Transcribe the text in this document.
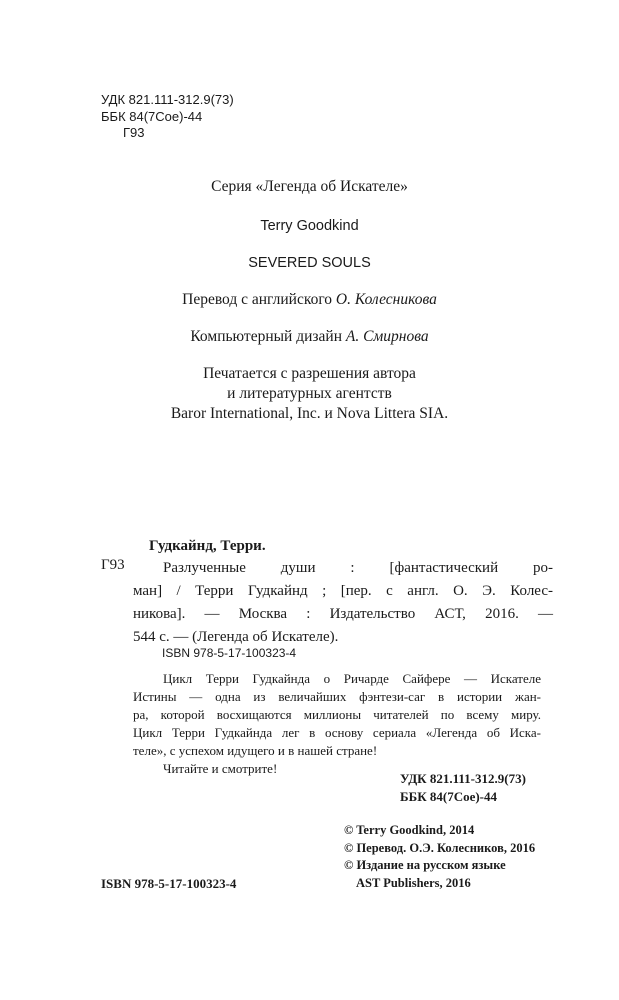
УДК 821.111-312.9(73)
ББК 84(7Сое)-44
Г93
Серия «Легенда об Искателе»
Terry Goodkind
SEVERED SOULS
Перевод с английского О. Колесникова
Компьютерный дизайн А. Смирнова
Печатается с разрешения автора
и литературных агентств
Baror International, Inc. и Nova Littera SIA.
Гудкайнд, Терри.
Г93	Разлученные души : [фантастический ро-
ман] / Терри Гудкайнд ; [пер. с англ. О. Э. Колес-
никова]. — Москва : Издательство АСТ, 2016. —
544 с. — (Легенда об Искателе).
ISBN 978-5-17-100323-4
Цикл Терри Гудкайнда о Ричарде Сайфере — Искателе
Истины — одна из величайших фэнтези-саг в истории жан-
ра, которой восхищаются миллионы читателей по всему миру.
Цикл Терри Гудкайнда лег в основу сериала «Легенда об Иска-
теле», с успехом идущего и в нашей стране!
Читайте и смотрите!
УДК 821.111-312.9(73)
ББК 84(7Сое)-44
ISBN 978-5-17-100323-4
© Terry Goodkind, 2014
© Перевод. О.Э. Колесников, 2016
© Издание на русском языке
AST Publishers, 2016
